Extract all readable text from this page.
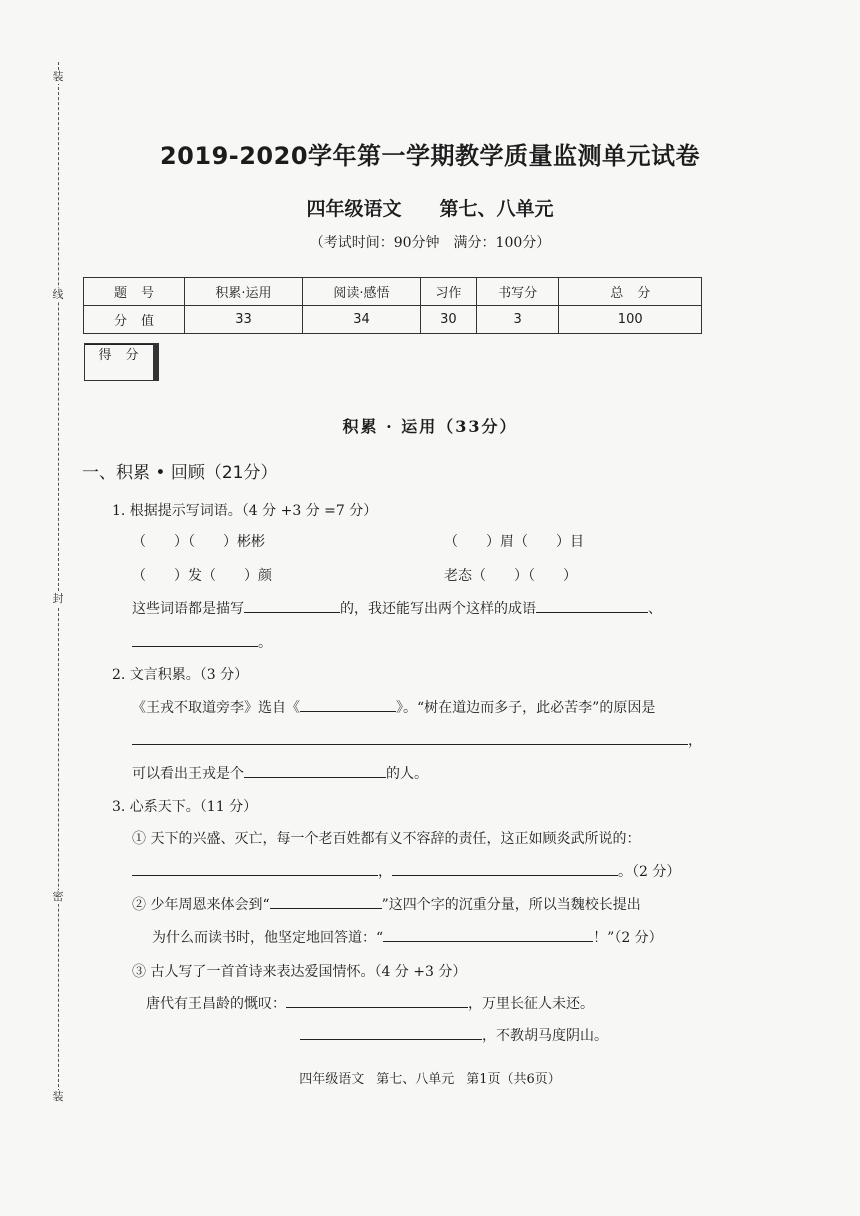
装
线
封
密
装
2019-2020学年第一学期教学质量监测单元试卷
四年级语文 第七、八单元
（考试时间：90分钟　满分：100分）
题号	积累·运用	阅读·感悟	习作	书写分	总分
分值	33	34	30	3	100
得分					
积累 · 运用（33分）
一、积累 • 回顾（21分）
1. 根据提示写词语。（4 分 +3 分 =7 分）
（　　）（　　）彬彬	（　　）眉（　　）目
（　　）发（　　）颜	老态（　　）（　　）
这些词语都是描写	的，我还能写出两个这样的成语	、
。
2. 文言积累。（3 分）
《王戎不取道旁李》选自《	》。“树在道边而多子，此必苦李”的原因是
，
可以看出王戎是个	的人。
3. 心系天下。（11 分）
① 天下的兴盛、灭亡，每一个老百姓都有义不容辞的责任，这正如顾炎武所说的：
，	。（2 分）
② 少年周恩来体会到“	”这四个字的沉重分量，所以当魏校长提出
为什么而读书时，他坚定地回答道：“	！”（2 分）
③ 古人写了一首首诗来表达爱国情怀。（4 分 +3 分）
唐代有王昌龄的慨叹：	，万里长征人未还。
，不教胡马度阴山。
四年级语文 第七、八单元 第1页（共6页）
